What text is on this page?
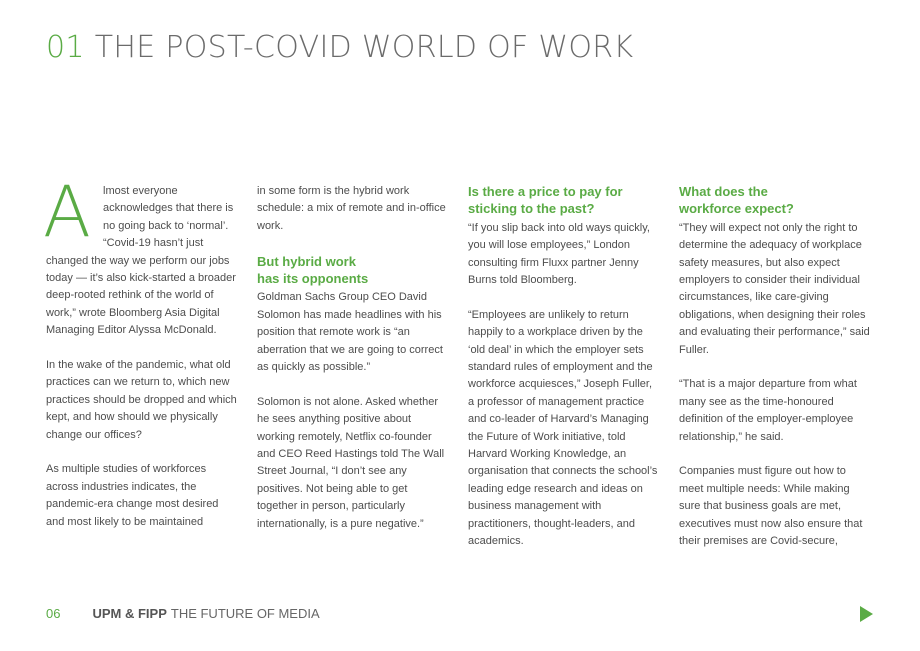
01 THE POST-COVID WORLD OF WORK

A	lmost everyone acknowledges that there is no going back to ‘normal’. “Covid-19 hasn’t just changed the way we perform our jobs today — it’s also kick-started a broader deep-rooted rethink of the world of work,” wrote Bloomberg Asia Digital Managing Editor Alyssa McDonald.

In the wake of the pandemic, what old practices can we return to, which new practices should be dropped and which kept, and how should we physically change our offices?

As multiple studies of workforces across industries indicates, the pandemic-era change most desired and most likely to be maintained

in some form is the hybrid work schedule: a mix of remote and in-office work.

But hybrid work has its opponents

Goldman Sachs Group CEO David Solomon has made headlines with his position that remote work is “an aberration that we are going to correct as quickly as possible.”

Solomon is not alone. Asked whether he sees anything positive about working remotely, Netflix co-founder and CEO Reed Hastings told The Wall Street Journal, “I don’t see any positives. Not being able to get together in person, particularly internationally, is a pure negative.”

Is there a price to pay for sticking to the past?

“If you slip back into old ways quickly, you will lose employees,” London consulting firm Fluxx partner Jenny Burns told Bloomberg.

“Employees are unlikely to return happily to a workplace driven by the ‘old deal’ in which the employer sets standard rules of employment and the workforce acquiesces,” Joseph Fuller, a professor of management practice and co-leader of Harvard’s Managing the Future of Work initiative, told Harvard Working Knowledge, an organisation that connects the school’s leading edge research and ideas on business management with practitioners, thought-leaders, and academics.

What does the workforce expect?

“They will expect not only the right to determine the adequacy of workplace safety measures, but also expect employers to consider their individual circumstances, like care-giving obligations, when designing their roles and evaluating their performance,” said Fuller.

“That is a major departure from what many see as the time-honoured definition of the employer-employee relationship,” he said.

Companies must figure out how to meet multiple needs: While making sure that business goals are met, executives must now also ensure that their premises are Covid-secure,

06 UPM & FIPP THE FUTURE OF MEDIA
